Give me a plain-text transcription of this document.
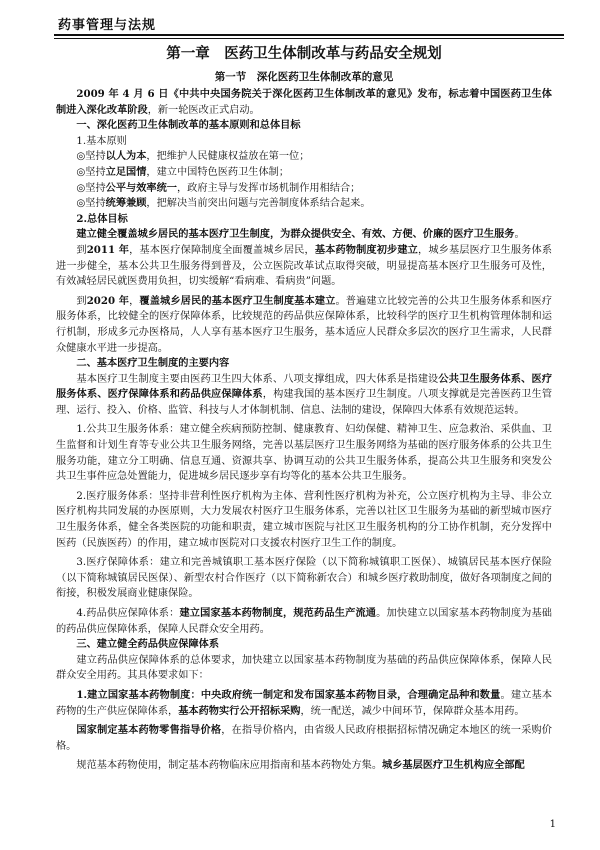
药事管理与法规
第一章　医药卫生体制改革与药品安全规划
第一节　深化医药卫生体制改革的意见

2009 年 4 月 6 日《中共中央国务院关于深化医药卫生体制改革的意见》发布，标志着中国医药卫生体制进入深化改革阶段，新一轮医改正式启动。

一、深化医药卫生体制改革的基本原则和总体目标

1.基本原则

◎坚持以人为本，把维护人民健康权益放在第一位；

◎坚持立足国情，建立中国特色医药卫生体制；

◎坚持公平与效率统一，政府主导与发挥市场机制作用相结合；

◎坚持统筹兼顾，把解决当前突出问题与完善制度体系结合起来。

2.总体目标

建立健全覆盖城乡居民的基本医疗卫生制度，为群众提供安全、有效、方便、价廉的医疗卫生服务。

到2011 年，基本医疗保障制度全面覆盖城乡居民，基本药物制度初步建立，城乡基层医疗卫生服务体系进一步健全，基本公共卫生服务得到普及，公立医院改革试点取得突破，明显提高基本医疗卫生服务可及性，有效减轻居民就医费用负担，切实缓解“看病难、看病贵”问题。

到2020 年，覆盖城乡居民的基本医疗卫生制度基本建立。普遍建立比较完善的公共卫生服务体系和医疗服务体系，比较健全的医疗保障体系，比较规范的药品供应保障体系，比较科学的医疗卫生机构管理体制和运行机制，形成多元办医格局，人人享有基本医疗卫生服务，基本适应人民群众多层次的医疗卫生需求，人民群众健康水平进一步提高。

二、基本医疗卫生制度的主要内容

基本医疗卫生制度主要由医药卫生四大体系、八项支撑组成，四大体系是指建设公共卫生服务体系、医疗服务体系、医疗保障体系和药品供应保障体系，构建我国的基本医疗卫生制度。八项支撑就是完善医药卫生管理、运行、投入、价格、监管、科技与人才体制机制、信息、法制的建设，保障四大体系有效规范运转。

1.公共卫生服务体系：建立健全疾病预防控制、健康教育、妇幼保健、精神卫生、应急救治、采供血、卫生监督和计划生育等专业公共卫生服务网络，完善以基层医疗卫生服务网络为基础的医疗服务体系的公共卫生服务功能，建立分工明确、信息互通、资源共享、协调互动的公共卫生服务体系，提高公共卫生服务和突发公共卫生事件应急处置能力，促进城乡居民逐步享有均等化的基本公共卫生服务。

2.医疗服务体系：坚持非营利性医疗机构为主体、营利性医疗机构为补充，公立医疗机构为主导、非公立医疗机构共同发展的办医原则，大力发展农村医疗卫生服务体系，完善以社区卫生服务为基础的新型城市医疗卫生服务体系，健全各类医院的功能和职责，建立城市医院与社区卫生服务机构的分工协作机制，充分发挥中医药（民族医药）的作用，建立城市医院对口支援农村医疗卫生工作的制度。

3.医疗保障体系：建立和完善城镇职工基本医疗保险（以下简称城镇职工医保）、城镇居民基本医疗保险（以下简称城镇居民医保）、新型农村合作医疗（以下简称新农合）和城乡医疗救助制度，做好各项制度之间的衔接，积极发展商业健康保险。

4.药品供应保障体系：建立国家基本药物制度，规范药品生产流通。加快建立以国家基本药物制度为基础的药品供应保障体系，保障人民群众安全用药。

三、建立健全药品供应保障体系

建立药品供应保障体系的总体要求，加快建立以国家基本药物制度为基础的药品供应保障体系，保障人民群众安全用药。其具体要求如下：

1.建立国家基本药物制度：中央政府统一制定和发布国家基本药物目录，合理确定品种和数量。建立基本药物的生产供应保障体系，基本药物实行公开招标采购，统一配送，减少中间环节，保障群众基本用药。

国家制定基本药物零售指导价格，在指导价格内，由省级人民政府根据招标情况确定本地区的统一采购价格。

规范基本药物使用，制定基本药物临床应用指南和基本药物处方集。城乡基层医疗卫生机构应全部配

1
